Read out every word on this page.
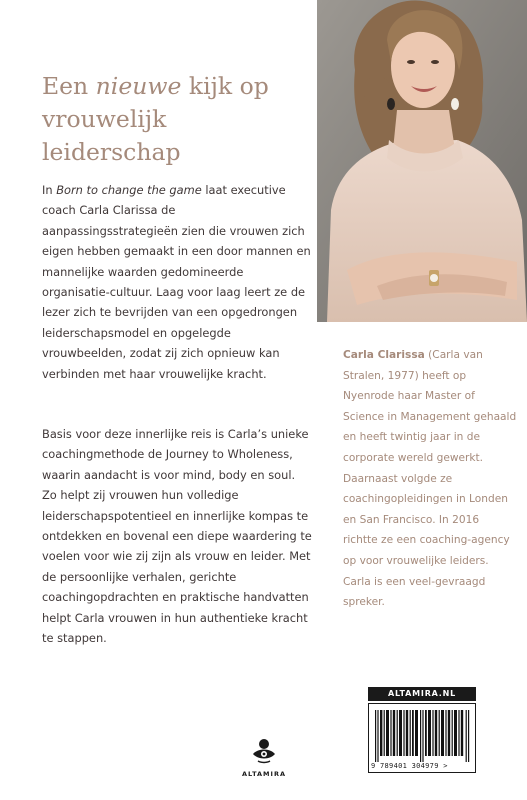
Een nieuwe kijk op vrouwelijk leiderschap

In Born to change the game laat executive coach Carla Clarissa de aanpassingsstrategieën zien die vrouwen zich eigen hebben gemaakt in een door mannen en mannelijke waarden gedomineerde organisatie-cultuur. Laag voor laag leert ze de lezer zich te bevrijden van een opgedrongen leiderschapsmodel en opgelegde vrouwbeelden, zodat zij zich opnieuw kan verbinden met haar vrouwelijke kracht.

Basis voor deze innerlijke reis is Carla’s unieke coachingmethode de Journey to Wholeness, waarin aandacht is voor mind, body en soul. Zo helpt zij vrouwen hun volledige leiderschapspotentieel en innerlijke kompas te ontdekken en bovenal een diepe waardering te voelen voor wie zij zijn als vrouw en leider. Met de persoonlijke verhalen, gerichte coachingopdrachten en praktische handvatten helpt Carla vrouwen in hun authentieke kracht te stappen.

Carla Clarissa (Carla van Stralen, 1977) heeft op Nyenrode haar Master of Science in Management gehaald en heeft twintig jaar in de corporate wereld gewerkt. Daarnaast volgde ze coachingopleidingen in Londen en San Francisco. In 2016 richtte ze een coaching-agency op voor vrouwelijke leiders. Carla is een veel-gevraagd spreker.

ALTAMIRA.NL
9 789401 304979 >
ALTAMIRA
